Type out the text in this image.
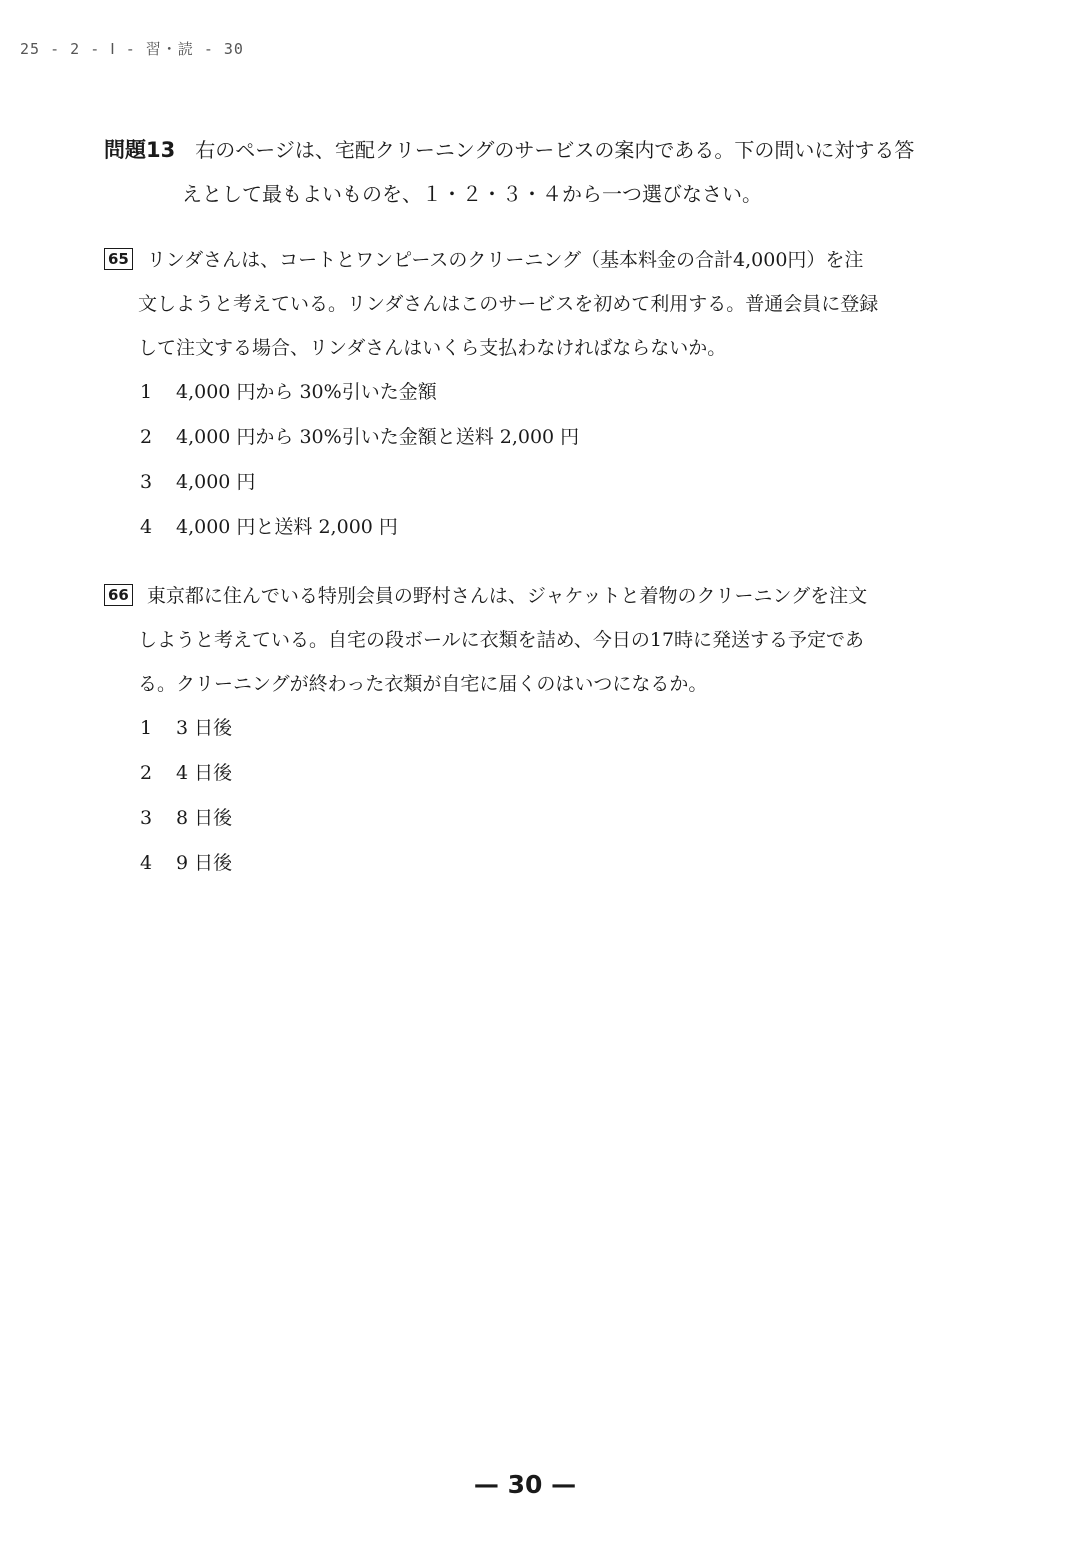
25 - 2 - Ⅰ - 習・読 - 30
問題13 右のページは、宅配クリーニングのサービスの案内である。下の問いに対する答
えとして最もよいものを、１・２・３・４から一つ選びなさい。
65 リンダさんは、コートとワンピースのクリーニング（基本料金の合計4,000円）を注
文しようと考えている。リンダさんはこのサービスを初めて利用する。普通会員に登録
して注文する場合、リンダさんはいくら支払わなければならないか。
1 4,000 円から 30%引いた金額
2 4,000 円から 30%引いた金額と送料 2,000 円
3 4,000 円
4 4,000 円と送料 2,000 円
66 東京都に住んでいる特別会員の野村さんは、ジャケットと着物のクリーニングを注文
しようと考えている。自宅の段ボールに衣類を詰め、今日の17時に発送する予定であ
る。クリーニングが終わった衣類が自宅に届くのはいつになるか。
1 3 日後
2 4 日後
3 8 日後
4 9 日後
— 30 —
